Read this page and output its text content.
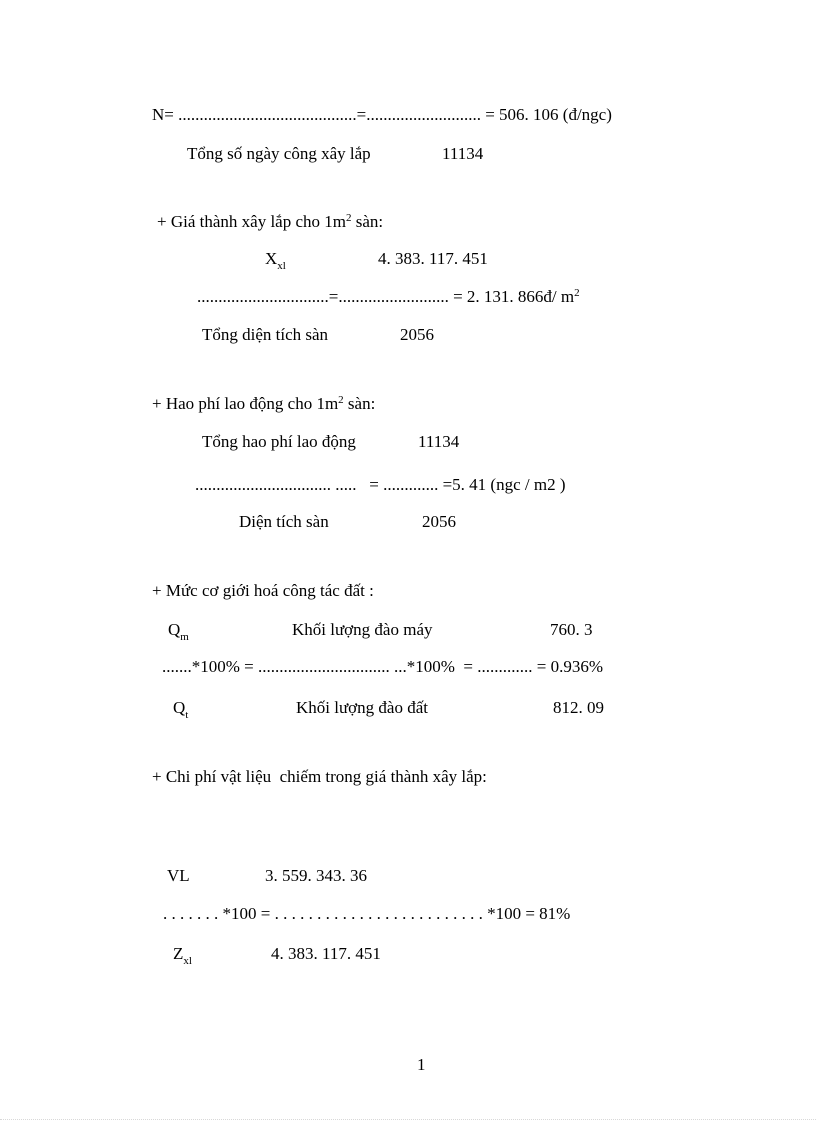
N= ..........................................=........................... = 506. 106 (đ/ngc)
Tổng số ngày công xây lắp	11134
+ Giá thành xây lắp cho $1m^2$ sàn:
$X_{xl}$	4. 383. 117. 451
...............................=.......................... = 2. 131. 866đ/ $m^2$
Tổng diện tích sàn	2056
+ Hao phí lao động cho $1m^2$ sàn:
Tổng hao phí lao động	11134
................................ .....   = ............. =5. 41 (ngc / m2 )
Diện tích sàn	2056
+ Mức cơ giới hoá công tác đất :
$Q_m$	Khối lượng đào máy	760. 3
.......*100% = ............................... ...*100%  = ............. = 0.936%
$Q_t$	Khối lượng đào đất	812. 09
+ Chi phí vật liệu  chiếm trong giá thành xây lắp:
VL	3. 559. 343. 36
. . . . . . . *100 = . . . . . . . . . . . . . . . . . . . . . . . . . *100 = 81%
$Z_{xl}$	4. 383. 117. 451
1
